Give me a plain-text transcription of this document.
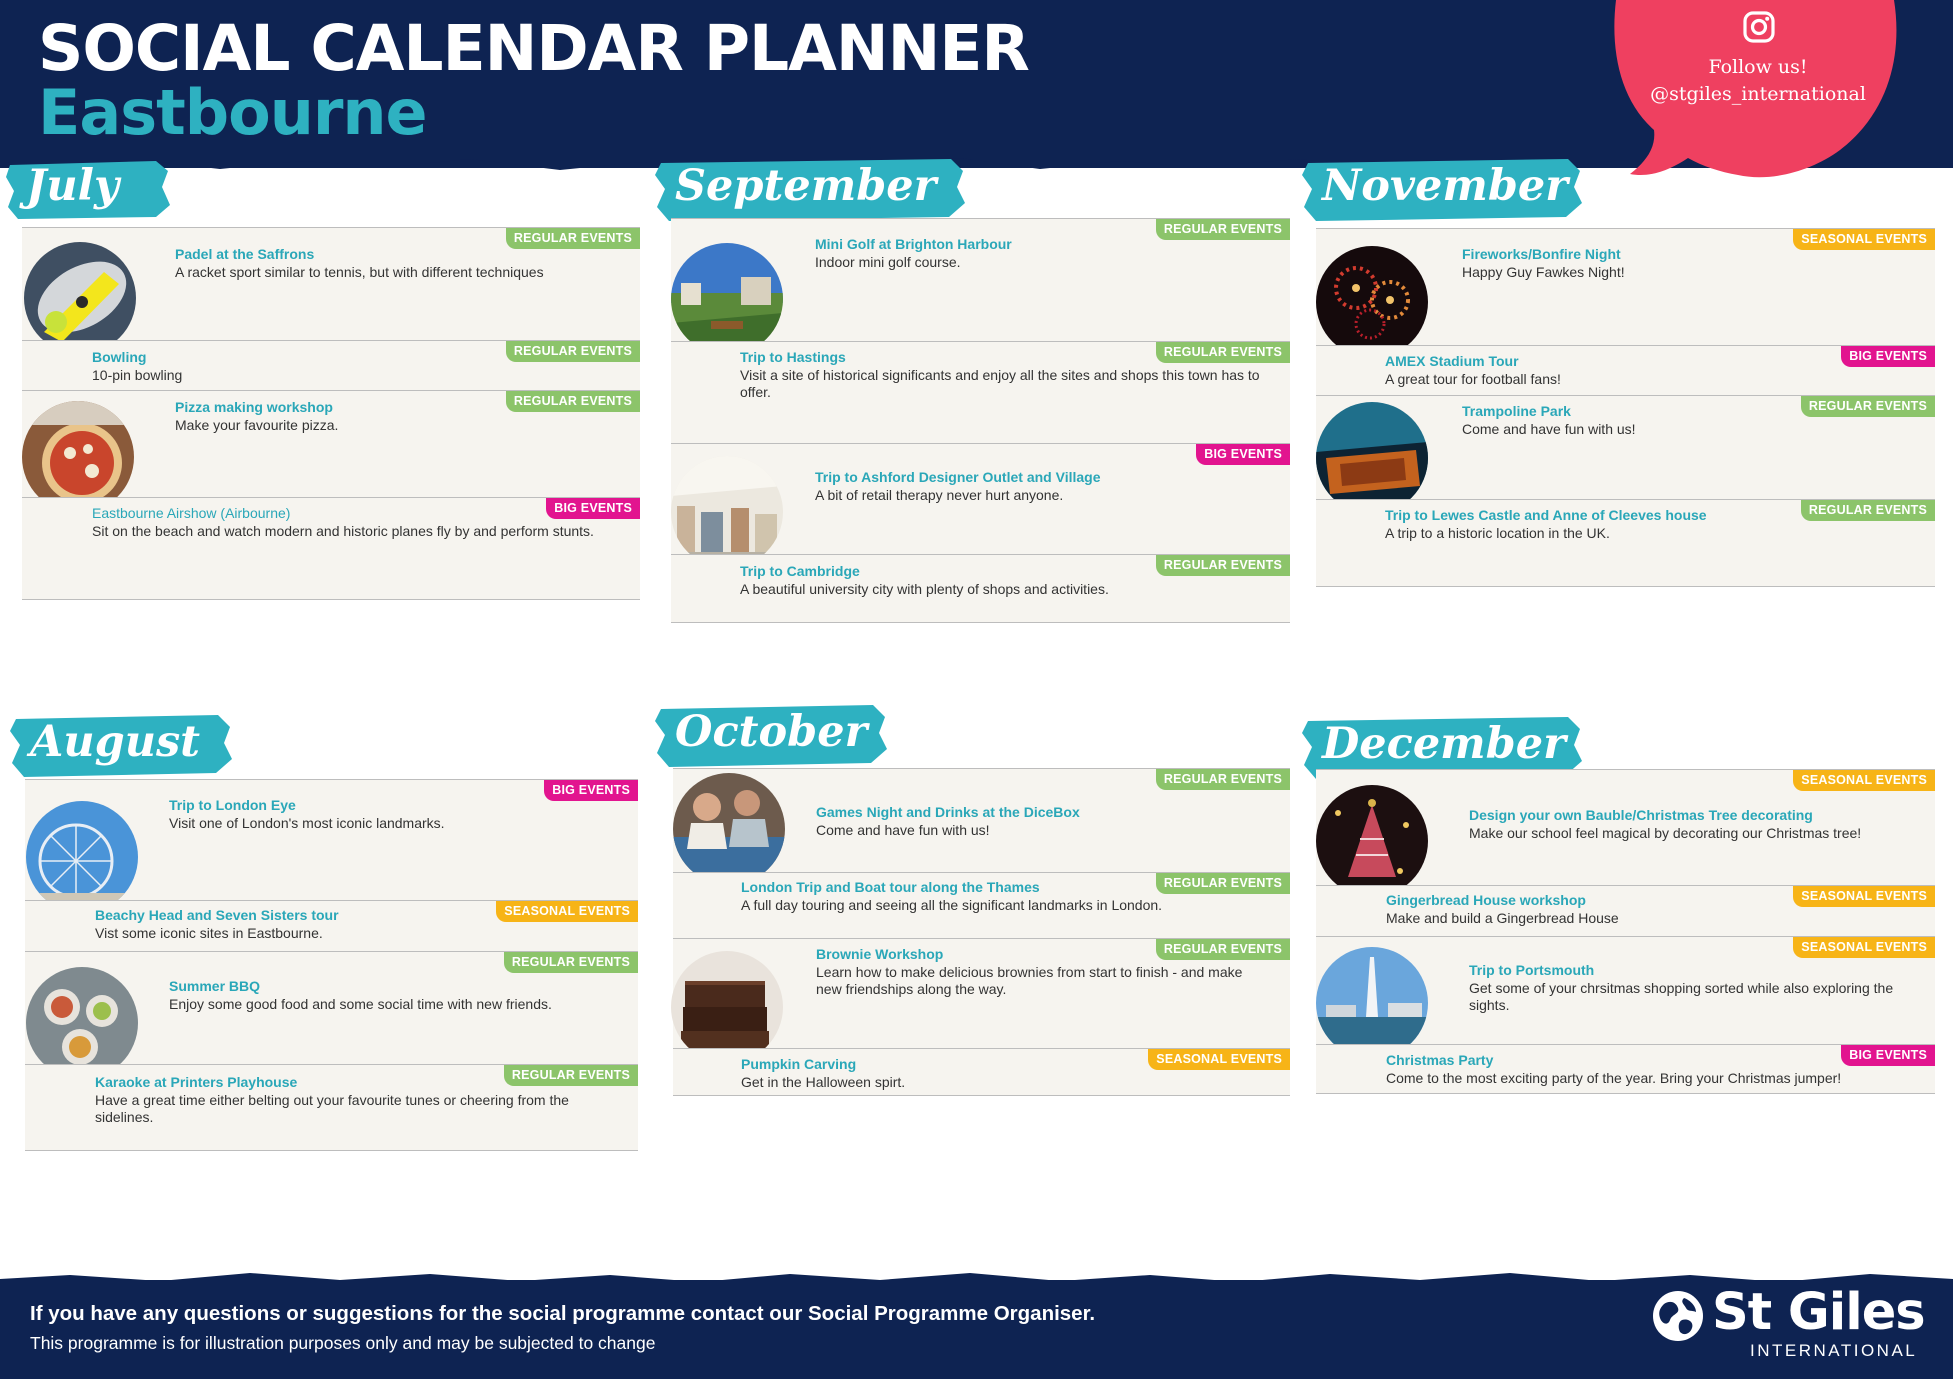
SOCIAL CALENDAR PLANNER
Eastbourne
Follow us!
@stgiles_international
July
REGULAR EVENTS
Padel at the Saffrons
A racket sport similar to tennis, but with different techniques
REGULAR EVENTS
Bowling
10-pin bowling
REGULAR EVENTS
Pizza making workshop
Make your favourite pizza.
BIG EVENTS
Eastbourne Airshow (Airbourne)
Sit on the beach and watch modern and historic planes fly by and perform stunts.
September
REGULAR EVENTS
Mini Golf at Brighton Harbour
Indoor mini golf course.
REGULAR EVENTS
Trip to Hastings
Visit a site of historical significants and enjoy all the sites and shops this town has to offer.
BIG EVENTS
Trip to Ashford Designer Outlet and Village
A bit of retail therapy never hurt anyone.
REGULAR EVENTS
Trip to Cambridge
A beautiful university city with plenty of shops and activities.
November
SEASONAL EVENTS
Fireworks/Bonfire Night
Happy Guy Fawkes Night!
BIG EVENTS
AMEX Stadium Tour
A great tour for football fans!
REGULAR EVENTS
Trampoline Park
Come and have fun with us!
REGULAR EVENTS
Trip to Lewes Castle and Anne of Cleeves house
A trip to a historic location in the UK.
August
BIG EVENTS
Trip to London Eye
Visit one of London's most iconic landmarks.
SEASONAL EVENTS
Beachy Head and Seven Sisters tour
Vist some iconic sites in Eastbourne.
REGULAR EVENTS
Summer BBQ
Enjoy some good food and some social time with new friends.
REGULAR EVENTS
Karaoke at Printers Playhouse
Have a great time either belting out your favourite tunes or cheering from the sidelines.
October
REGULAR EVENTS
Games Night and Drinks at the DiceBox
Come and have fun with us!
REGULAR EVENTS
London Trip and Boat tour along the Thames
A full day touring and seeing all the significant landmarks in London.
REGULAR EVENTS
Brownie Workshop
Learn how to make delicious brownies from start to finish - and make new friendships along the way.
SEASONAL EVENTS
Pumpkin Carving
Get in the Halloween spirt.
December
SEASONAL EVENTS
Design your own Bauble/Christmas Tree decorating
Make our school feel magical by decorating our Christmas tree!
SEASONAL EVENTS
Gingerbread House workshop
Make and build a Gingerbread House
SEASONAL EVENTS
Trip to Portsmouth
Get some of your chrsitmas shopping sorted while also exploring the sights.
BIG EVENTS
Christmas Party
Come to the most exciting party of the year. Bring your Christmas jumper!
If you have any questions or suggestions for the social programme contact our Social Programme Organiser.
This programme is for illustration purposes only and may be subjected to change
St Giles
INTERNATIONAL
